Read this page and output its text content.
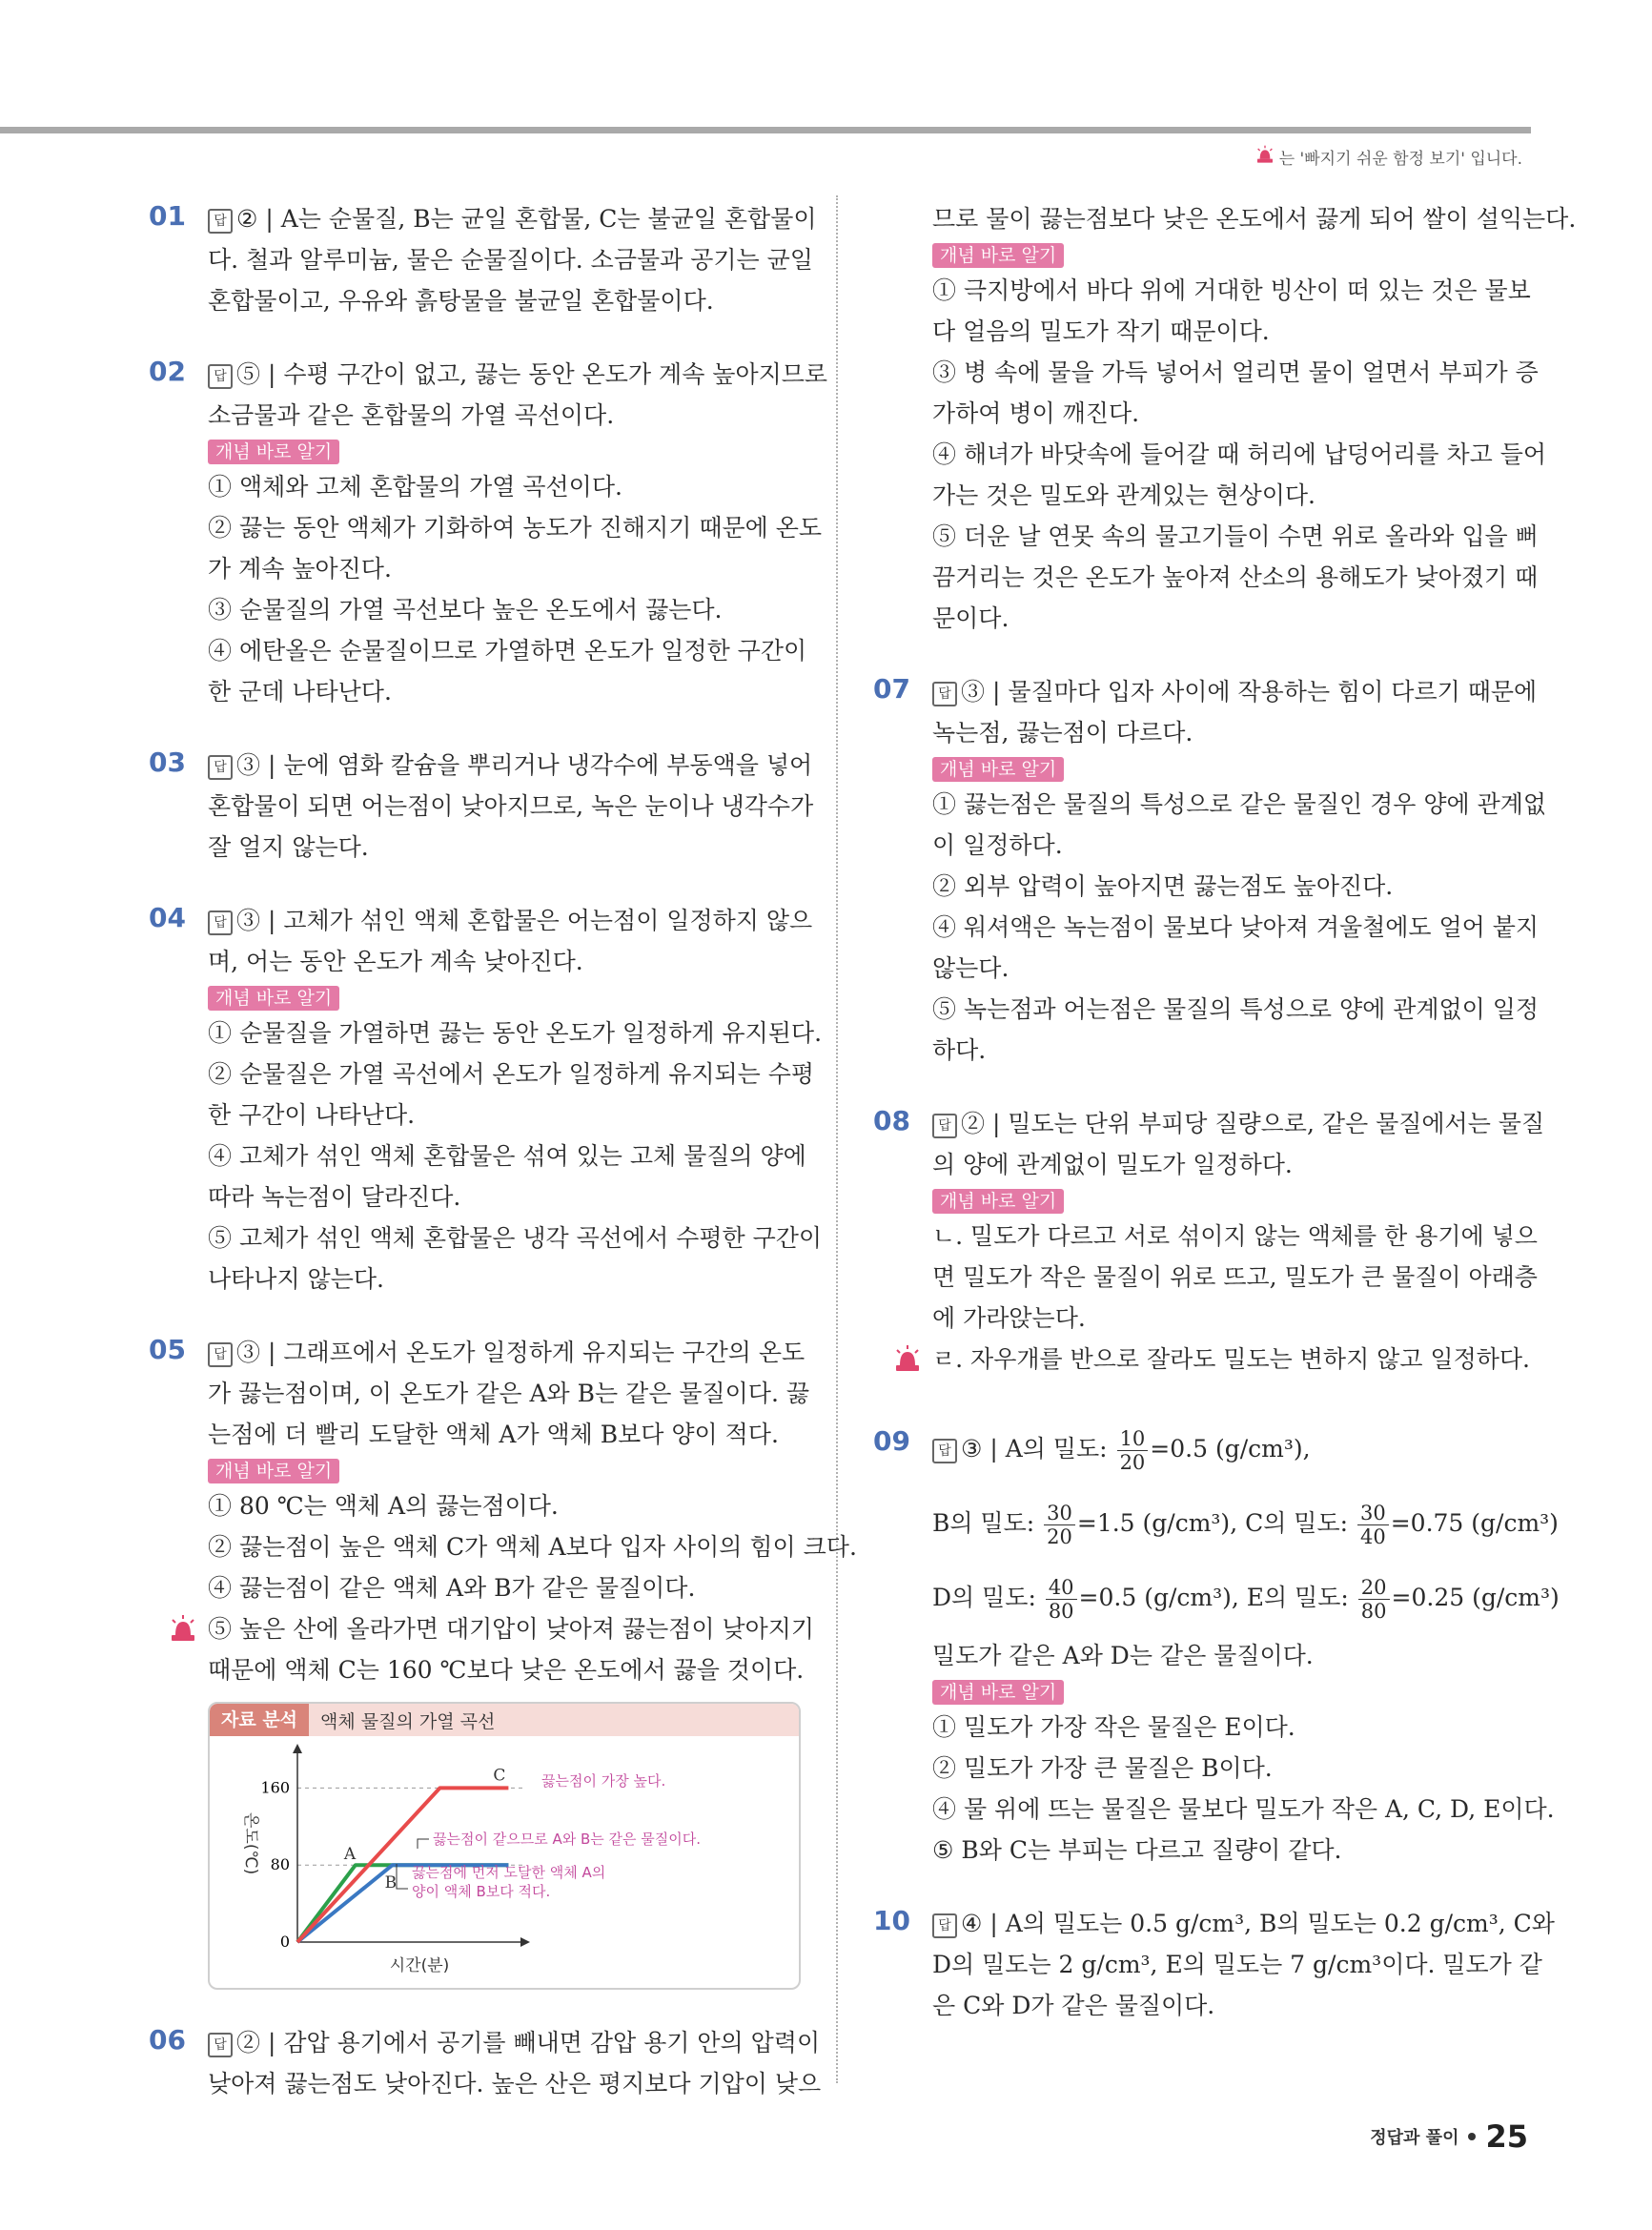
는 '빠지기 쉬운 함정 보기' 입니다.
01	답 ② | A는 순물질, B는 균일 혼합물, C는 불균일 혼합물이
다. 철과 알루미늄, 물은 순물질이다. 소금물과 공기는 균일
혼합물이고, 우유와 흙탕물을 불균일 혼합물이다.
02	답 ⑤ | 수평 구간이 없고, 끓는 동안 온도가 계속 높아지므로
소금물과 같은 혼합물의 가열 곡선이다.
개념 바로 알기
① 액체와 고체 혼합물의 가열 곡선이다.
② 끓는 동안 액체가 기화하여 농도가 진해지기 때문에 온도
가 계속 높아진다.
③ 순물질의 가열 곡선보다 높은 온도에서 끓는다.
④ 에탄올은 순물질이므로 가열하면 온도가 일정한 구간이
한 군데 나타난다.
03	답 ③ | 눈에 염화 칼슘을 뿌리거나 냉각수에 부동액을 넣어
혼합물이 되면 어는점이 낮아지므로, 녹은 눈이나 냉각수가
잘 얼지 않는다.
04	답 ③ | 고체가 섞인 액체 혼합물은 어는점이 일정하지 않으
며, 어는 동안 온도가 계속 낮아진다.
개념 바로 알기
① 순물질을 가열하면 끓는 동안 온도가 일정하게 유지된다.
② 순물질은 가열 곡선에서 온도가 일정하게 유지되는 수평
한 구간이 나타난다.
④ 고체가 섞인 액체 혼합물은 섞여 있는 고체 물질의 양에
따라 녹는점이 달라진다.
⑤ 고체가 섞인 액체 혼합물은 냉각 곡선에서 수평한 구간이
나타나지 않는다.
05	답 ③ | 그래프에서 온도가 일정하게 유지되는 구간의 온도
가 끓는점이며, 이 온도가 같은 A와 B는 같은 물질이다. 끓
는점에 더 빨리 도달한 액체 A가 액체 B보다 양이 적다.
개념 바로 알기
① 80 ℃는 액체 A의 끓는점이다.
② 끓는점이 높은 액체 C가 액체 A보다 입자 사이의 힘이 크다.
④ 끓는점이 같은 액체 A와 B가 같은 물질이다.
⑤ 높은 산에 올라가면 대기압이 낮아져 끓는점이 낮아지기
때문에 액체 C는 160 ℃보다 낮은 온도에서 끓을 것이다.
자료 분석	액체 물질의 가열 곡선
온도(℃)
시간(분)
0
80
160
A
B
C	끓는점이 가장 높다.
끓는점이 같으므로 A와 B는 같은 물질이다.
끓는점에 먼저 도달한 액체 A의
양이 액체 B보다 적다.
06	답 ② | 감압 용기에서 공기를 빼내면 감압 용기 안의 압력이
낮아져 끓는점도 낮아진다. 높은 산은 평지보다 기압이 낮으
므로 물이 끓는점보다 낮은 온도에서 끓게 되어 쌀이 설익는다.
개념 바로 알기
① 극지방에서 바다 위에 거대한 빙산이 떠 있는 것은 물보
다 얼음의 밀도가 작기 때문이다.
③ 병 속에 물을 가득 넣어서 얼리면 물이 얼면서 부피가 증
가하여 병이 깨진다.
④ 해녀가 바닷속에 들어갈 때 허리에 납덩어리를 차고 들어
가는 것은 밀도와 관계있는 현상이다.
⑤ 더운 날 연못 속의 물고기들이 수면 위로 올라와 입을 뻐
끔거리는 것은 온도가 높아져 산소의 용해도가 낮아졌기 때
문이다.
07	답 ③ | 물질마다 입자 사이에 작용하는 힘이 다르기 때문에
녹는점, 끓는점이 다르다.
개념 바로 알기
① 끓는점은 물질의 특성으로 같은 물질인 경우 양에 관계없
이 일정하다.
② 외부 압력이 높아지면 끓는점도 높아진다.
④ 워셔액은 녹는점이 물보다 낮아져 겨울철에도 얼어 붙지
않는다.
⑤ 녹는점과 어는점은 물질의 특성으로 양에 관계없이 일정
하다.
08	답 ② | 밀도는 단위 부피당 질량으로, 같은 물질에서는 물질
의 양에 관계없이 밀도가 일정하다.
개념 바로 알기
ㄴ. 밀도가 다르고 서로 섞이지 않는 액체를 한 용기에 넣으
면 밀도가 작은 물질이 위로 뜨고, 밀도가 큰 물질이 아래층
에 가라앉는다.
ㄹ. 자우개를 반으로 잘라도 밀도는 변하지 않고 일정하다.
09	답 ③ | A의 밀도: $\frac{10}{20} =0.5$ (g/cm³),
B의 밀도: $\frac{30}{20} =1.5$ (g/cm³), C의 밀도: $\frac{30}{40} =0.75$ (g/cm³)
D의 밀도: $\frac{40}{80} =0.5$ (g/cm³), E의 밀도: $\frac{20}{80} =0.25$ (g/cm³)
밀도가 같은 A와 D는 같은 물질이다.
개념 바로 알기
① 밀도가 가장 작은 물질은 E이다.
② 밀도가 가장 큰 물질은 B이다.
④ 물 위에 뜨는 물질은 물보다 밀도가 작은 A, C, D, E이다.
⑤ B와 C는 부피는 다르고 질량이 같다.
10	답 ④ | A의 밀도는 0.5 g/cm³, B의 밀도는 0.2 g/cm³, C와
D의 밀도는 2 g/cm³, E의 밀도는 7 g/cm³이다. 밀도가 같
은 C와 D가 같은 물질이다.
정답과 풀이 25
